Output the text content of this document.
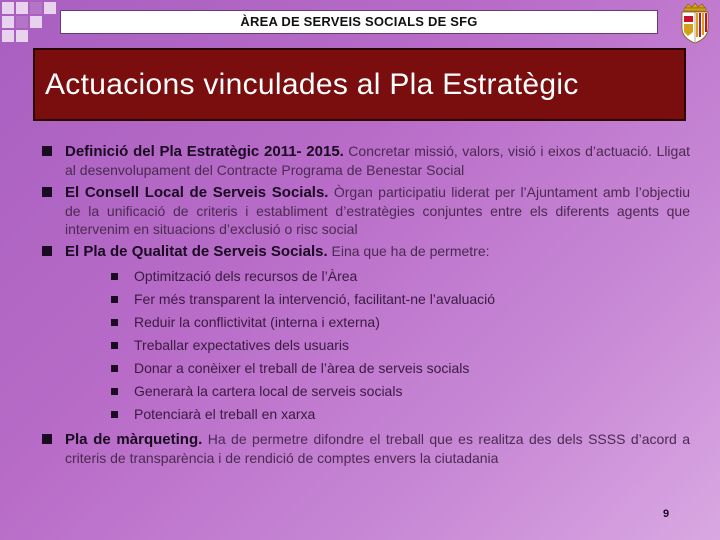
ÀREA DE SERVEIS SOCIALS DE SFG
Actuacions vinculades al Pla Estratègic
Definició del Pla Estratègic 2011- 2015. Concretar missió, valors, visió i eixos d’actuació. Lligat al desenvolupament del Contracte Programa de Benestar Social
El Consell Local de Serveis Socials. Òrgan participatiu liderat per l’Ajuntament amb l’objectiu de la unificació de criteris i establiment d’estratègies conjuntes entre els diferents agents que intervenim en situacions d’exclusió o risc social
El Pla de Qualitat de Serveis Socials. Eina que ha de permetre:
Optimització dels recursos de l’Àrea
Fer més transparent la intervenció, facilitant-ne l’avaluació
Reduir la conflictivitat (interna i externa)
Treballar expectatives dels usuaris
Donar a conèixer el treball de l’àrea de serveis socials
Generarà la cartera local de serveis socials
Potenciarà el treball en xarxa
Pla de màrqueting. Ha de permetre difondre el treball que es realitza des dels SSSS d’acord a criteris de transparència i de rendició de comptes envers la ciutadania
9
